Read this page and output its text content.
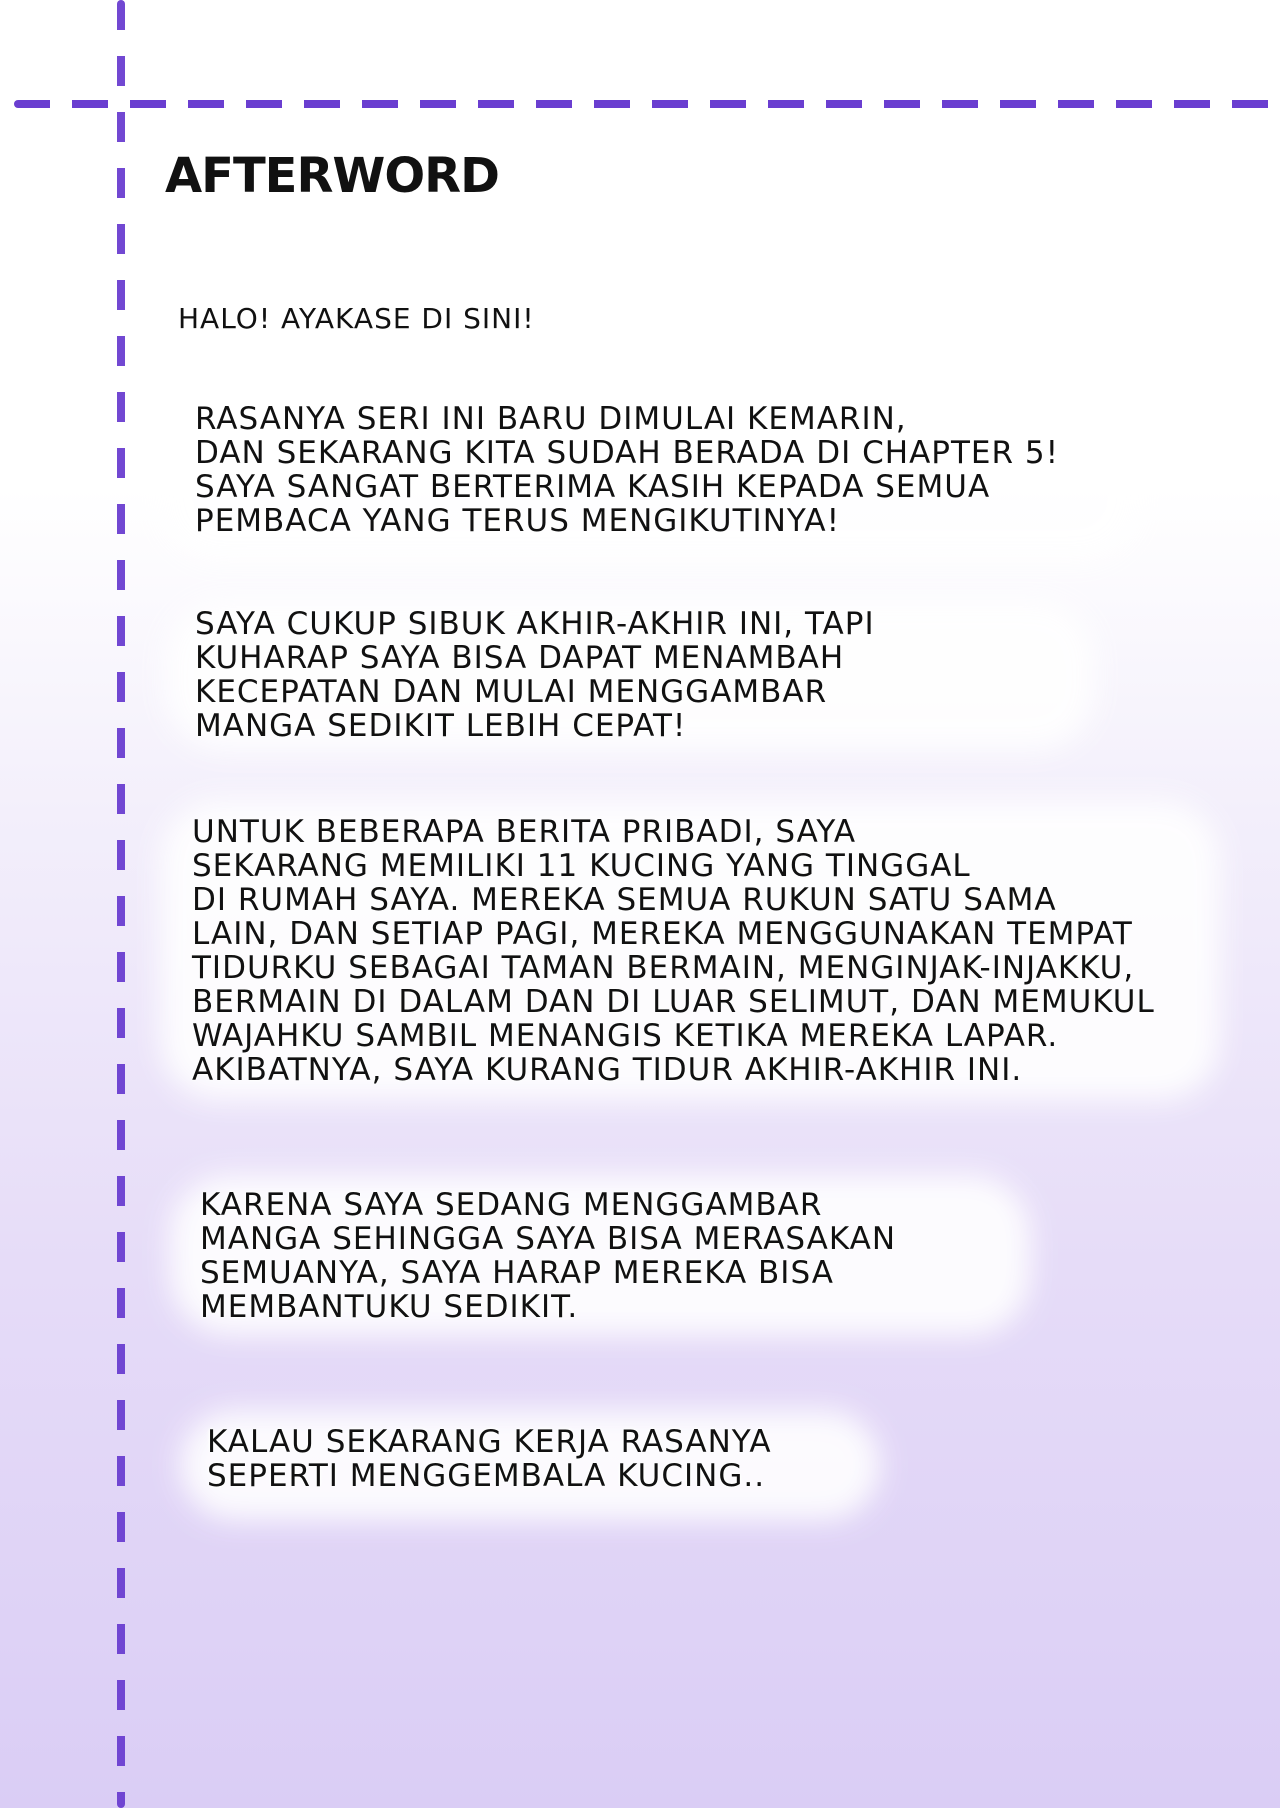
AFTERWORD

HALO! AYAKASE DI SINI!

RASANYA SERI INI BARU DIMULAI KEMARIN,
DAN SEKARANG KITA SUDAH BERADA DI CHAPTER 5!
SAYA SANGAT BERTERIMA KASIH KEPADA SEMUA
PEMBACA YANG TERUS MENGIKUTINYA!

SAYA CUKUP SIBUK AKHIR-AKHIR INI, TAPI
KUHARAP SAYA BISA DAPAT MENAMBAH
KECEPATAN DAN MULAI MENGGAMBAR
MANGA SEDIKIT LEBIH CEPAT!

UNTUK BEBERAPA BERITA PRIBADI, SAYA
SEKARANG MEMILIKI 11 KUCING YANG TINGGAL
DI RUMAH SAYA. MEREKA SEMUA RUKUN SATU SAMA
LAIN, DAN SETIAP PAGI, MEREKA MENGGUNAKAN TEMPAT
TIDURKU SEBAGAI TAMAN BERMAIN, MENGINJAK-INJAKKU,
BERMAIN DI DALAM DAN DI LUAR SELIMUT, DAN MEMUKUL
WAJAHKU SAMBIL MENANGIS KETIKA MEREKA LAPAR.
AKIBATNYA, SAYA KURANG TIDUR AKHIR-AKHIR INI.

KARENA SAYA SEDANG MENGGAMBAR
MANGA SEHINGGA SAYA BISA MERASAKAN
SEMUANYA, SAYA HARAP MEREKA BISA
MEMBANTUKU SEDIKIT.

KALAU SEKARANG KERJA RASANYA
SEPERTI MENGGEMBALA KUCING..
